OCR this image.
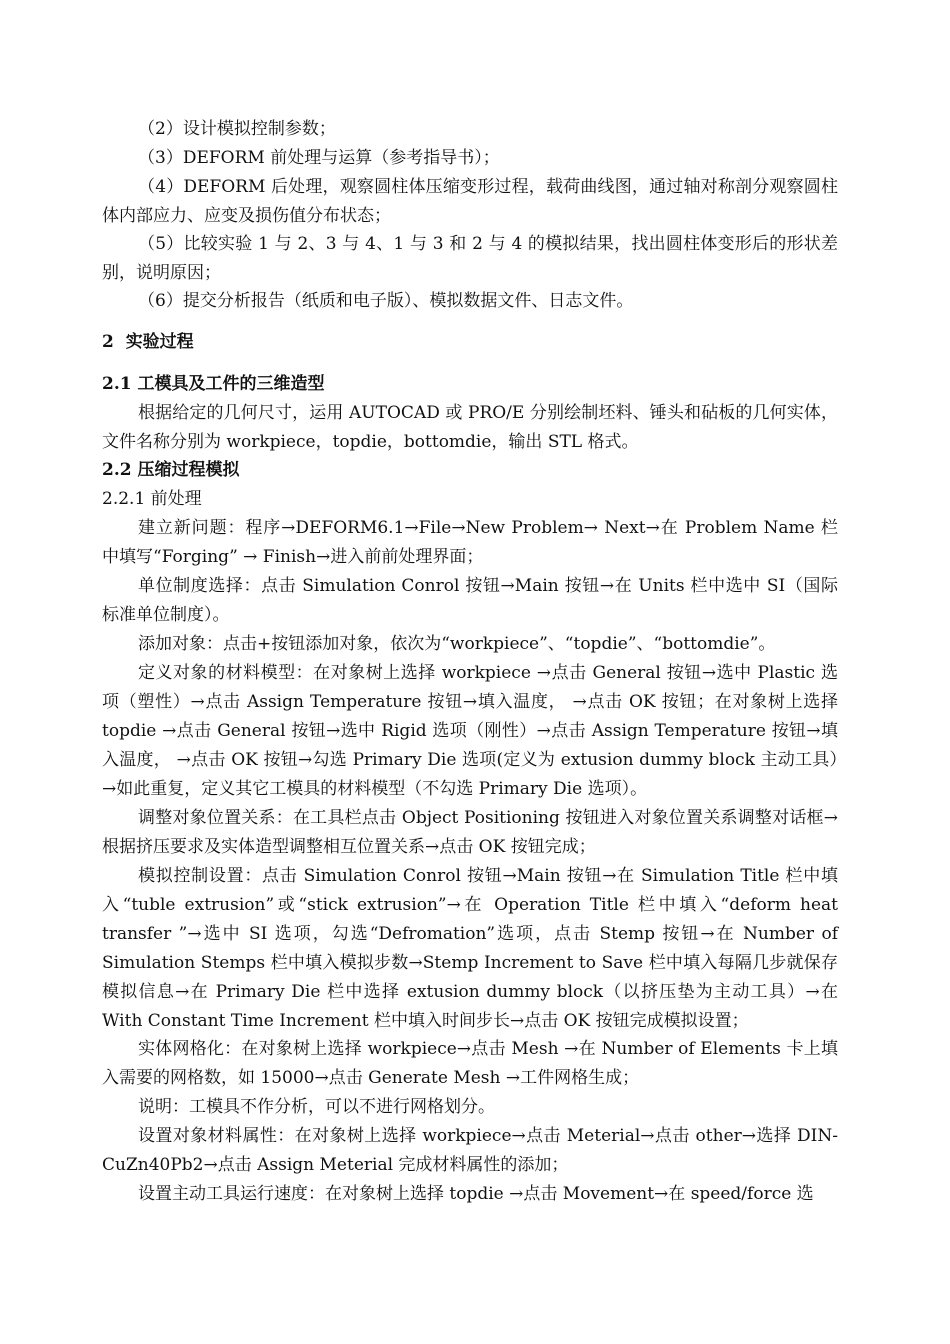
（2）设计模拟控制参数；

（3）DEFORM 前处理与运算（参考指导书）；

（4）DEFORM 后处理，观察圆柱体压缩变形过程，载荷曲线图，通过轴对称剖分观察圆柱体内部应力、应变及损伤值分布状态；

（5）比较实验 1 与 2、3 与 4、1 与 3 和 2 与 4 的模拟结果，找出圆柱体变形后的形状差别，说明原因；

（6）提交分析报告（纸质和电子版）、模拟数据文件、日志文件。

2 实验过程
2.1 工模具及工件的三维造型

根据给定的几何尺寸，运用 AUTOCAD 或 PRO/E 分别绘制坯料、锤头和砧板的几何实体，文件名称分别为 workpiece，topdie，bottomdie，输出 STL 格式。

2.2 压缩过程模拟
2.2.1 前处理

建立新问题：程序→DEFORM6.1→File→New Problem→ Next→在 Problem Name 栏中填写“Forging” → Finish→进入前前处理界面；

单位制度选择：点击 Simulation Conrol 按钮→Main 按钮→在 Units 栏中选中 SI（国际标准单位制度）。

添加对象：点击+按钮添加对象，依次为“workpiece”、“topdie”、“bottomdie”。

定义对象的材料模型：在对象树上选择 workpiece →点击 General 按钮→选中 Plastic 选项（塑性）→点击 Assign Temperature 按钮→填入温度， →点击 OK 按钮；在对象树上选择 topdie →点击 General 按钮→选中 Rigid 选项（刚性）→点击 Assign Temperature 按钮→填入温度， →点击 OK 按钮→勾选 Primary Die 选项(定义为 extusion dummy block 主动工具）→如此重复，定义其它工模具的材料模型（不勾选 Primary Die 选项）。

调整对象位置关系：在工具栏点击 Object Positioning 按钮进入对象位置关系调整对话框→根据挤压要求及实体造型调整相互位置关系→点击 OK 按钮完成；

模拟控制设置：点击 Simulation Conrol 按钮→Main 按钮→在 Simulation Title 栏中填入“tuble extrusion”或“stick extrusion”→在 Operation Title 栏中填入“deform heat transfer ”→选中 SI 选项，勾选“Defromation”选项，点击 Stemp 按钮→在 Number of Simulation Stemps 栏中填入模拟步数→Stemp Increment to Save 栏中填入每隔几步就保存模拟信息→在 Primary Die 栏中选择 extusion dummy block（以挤压垫为主动工具）→在 With Constant Time Increment 栏中填入时间步长→点击 OK 按钮完成模拟设置；

实体网格化：在对象树上选择 workpiece→点击 Mesh →在 Number of Elements 卡上填入需要的网格数，如 15000→点击 Generate Mesh →工件网格生成；

说明：工模具不作分析，可以不进行网格划分。

设置对象材料属性：在对象树上选择 workpiece→点击 Meterial→点击 other→选择 DIN-CuZn40Pb2→点击 Assign Meterial 完成材料属性的添加；

设置主动工具运行速度：在对象树上选择 topdie →点击 Movement→在 speed/force 选
